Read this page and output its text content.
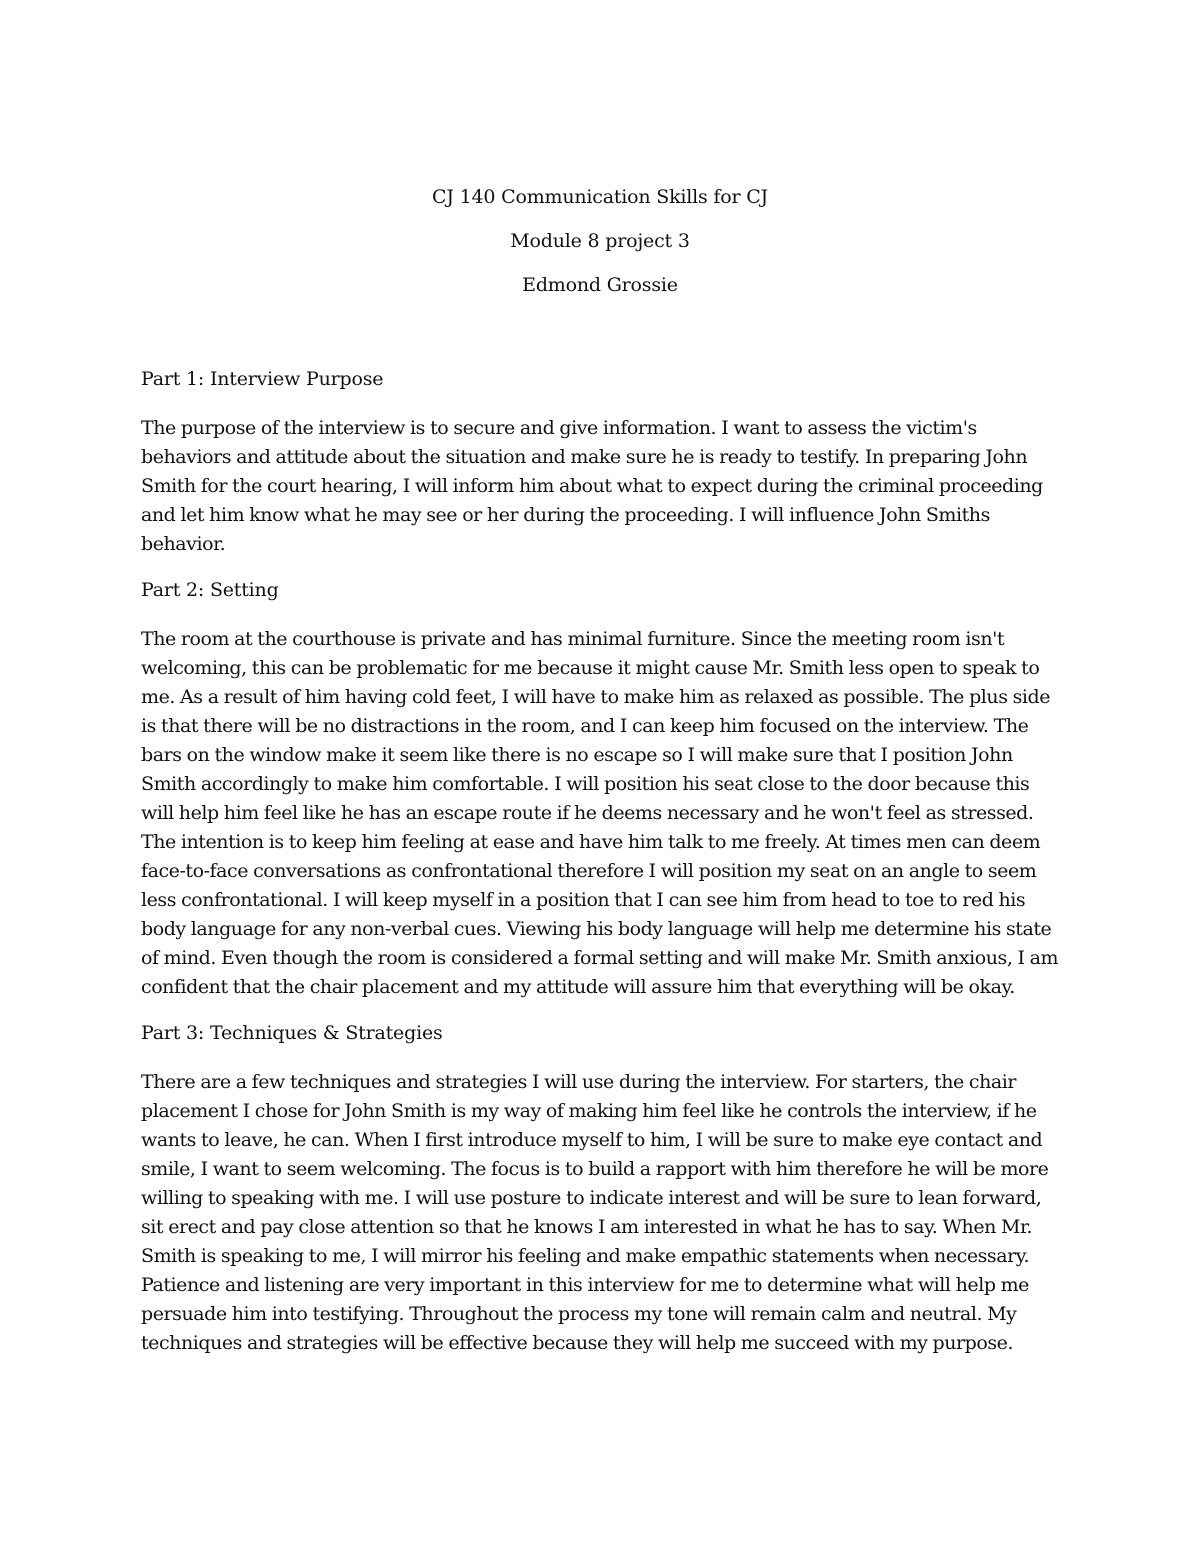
CJ 140 Communication Skills for CJ
Module 8 project 3
Edmond Grossie
Part 1: Interview Purpose

The purpose of the interview is to secure and give information. I want to assess the victim's behaviors and attitude about the situation and make sure he is ready to testify. In preparing John Smith for the court hearing, I will inform him about what to expect during the criminal proceeding and let him know what he may see or her during the proceeding. I will influence John Smiths behavior.

Part 2: Setting

The room at the courthouse is private and has minimal furniture. Since the meeting room isn't welcoming, this can be problematic for me because it might cause Mr. Smith less open to speak to me. As a result of him having cold feet, I will have to make him as relaxed as possible. The plus side is that there will be no distractions in the room, and I can keep him focused on the interview. The bars on the window make it seem like there is no escape so I will make sure that I position John Smith accordingly to make him comfortable. I will position his seat close to the door because this will help him feel like he has an escape route if he deems necessary and he won't feel as stressed. The intention is to keep him feeling at ease and have him talk to me freely. At times men can deem face-to-face conversations as confrontational therefore I will position my seat on an angle to seem less confrontational. I will keep myself in a position that I can see him from head to toe to red his body language for any non-verbal cues. Viewing his body language will help me determine his state of mind. Even though the room is considered a formal setting and will make Mr. Smith anxious, I am confident that the chair placement and my attitude will assure him that everything will be okay.

Part 3: Techniques & Strategies

There are a few techniques and strategies I will use during the interview. For starters, the chair placement I chose for John Smith is my way of making him feel like he controls the interview, if he wants to leave, he can. When I first introduce myself to him, I will be sure to make eye contact and smile, I want to seem welcoming. The focus is to build a rapport with him therefore he will be more willing to speaking with me. I will use posture to indicate interest and will be sure to lean forward, sit erect and pay close attention so that he knows I am interested in what he has to say. When Mr. Smith is speaking to me, I will mirror his feeling and make empathic statements when necessary. Patience and listening are very important in this interview for me to determine what will help me persuade him into testifying. Throughout the process my tone will remain calm and neutral. My techniques and strategies will be effective because they will help me succeed with my purpose.
